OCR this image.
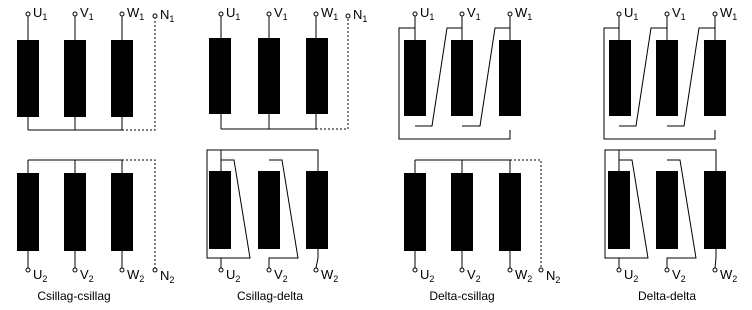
$U_1$	$V_1$	$W_1$ $N_1$
$U_2$	$V_2$	$W_2$ $N_2$
Csillag-csillag
$U_1$	$V_1$	$W_1$ $N_1$
$U_2$	$V_2$	$W_2$
Csillag-delta
$U_1$	$V_1$	$W_1$
$U_2$	$V_2$	$W_2$ $N_2$
Delta-csillag
$U_1$	$V_1$	$W_1$
$U_2$	$V_2$	$W_2$
Delta-delta
